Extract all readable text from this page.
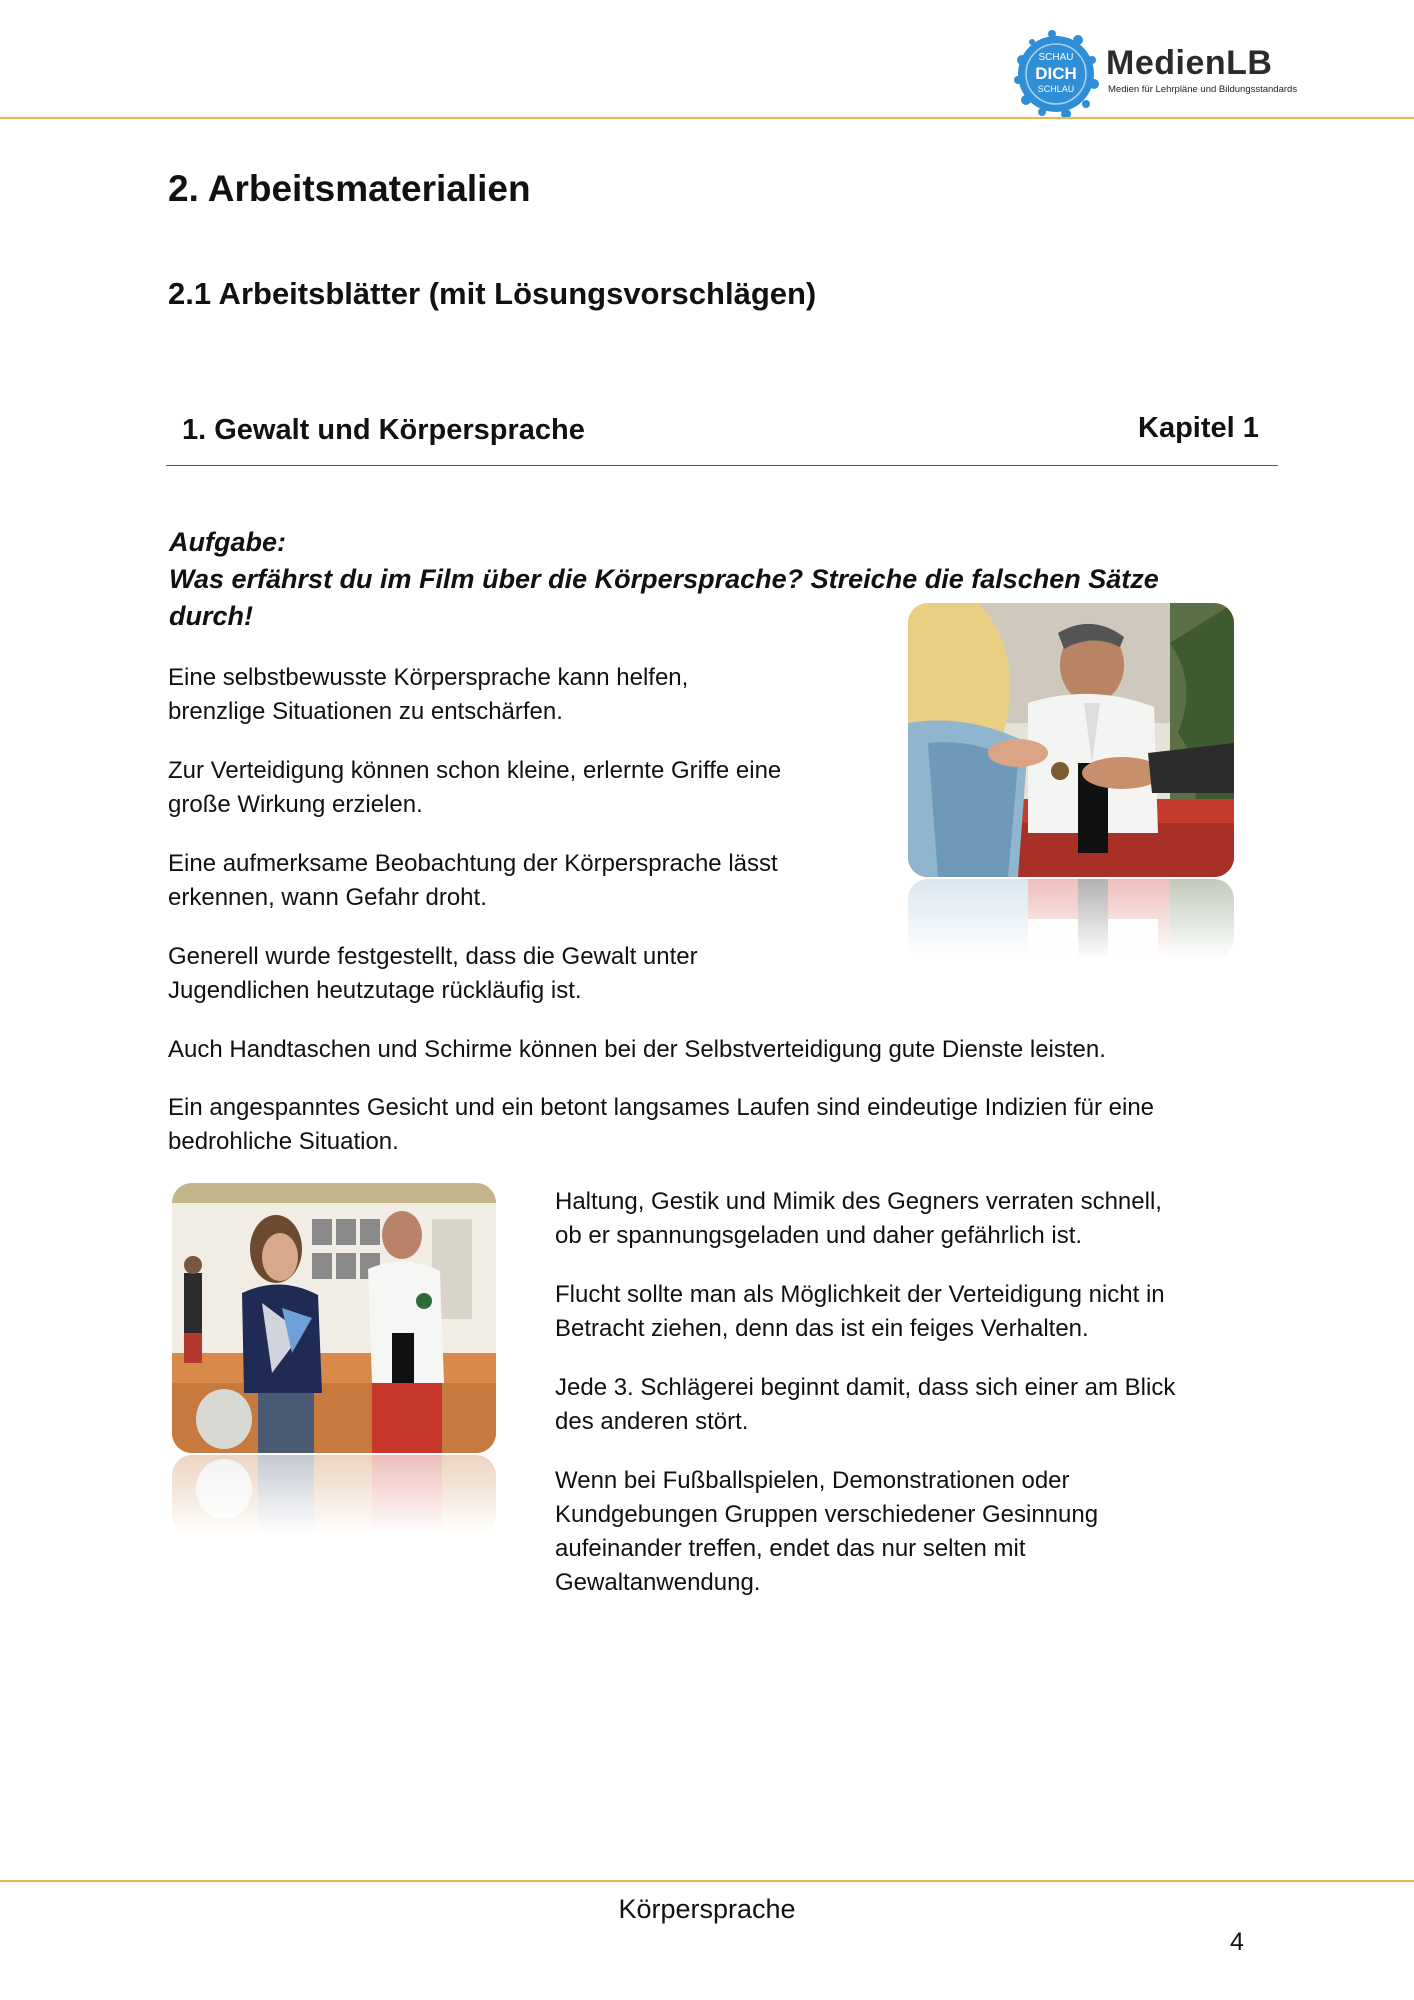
SCHAU
DICH
SCHLAU
MedienLB
Medien für Lehrpläne und Bildungsstandards
2. Arbeitsmaterialien
2.1 Arbeitsblätter (mit Lösungsvorschlägen)
1. Gewalt und Körpersprache	Kapitel 1
Aufgabe:
Was erfährst du im Film über die Körpersprache? Streiche die falschen Sätze
durch!
Eine selbstbewusste Körpersprache kann helfen,
brenzlige Situationen zu entschärfen.
Zur Verteidigung können schon kleine, erlernte Griffe eine
große Wirkung erzielen.
Eine aufmerksame Beobachtung der Körpersprache lässt
erkennen, wann Gefahr droht.
Generell wurde festgestellt, dass die Gewalt unter
Jugendlichen heutzutage rückläufig ist.
Auch Handtaschen und Schirme können bei der Selbstverteidigung gute Dienste leisten.
Ein angespanntes Gesicht und ein betont langsames Laufen sind eindeutige Indizien für eine
bedrohliche Situation.
Haltung, Gestik und Mimik des Gegners verraten schnell,
ob er spannungsgeladen und daher gefährlich ist.
Flucht sollte man als Möglichkeit der Verteidigung nicht in
Betracht ziehen, denn das ist ein feiges Verhalten.
Jede 3. Schlägerei beginnt damit, dass sich einer am Blick
des anderen stört.
Wenn bei Fußballspielen, Demonstrationen oder
Kundgebungen Gruppen verschiedener Gesinnung
aufeinander treffen, endet das nur selten mit
Gewaltanwendung.
Körpersprache
4
